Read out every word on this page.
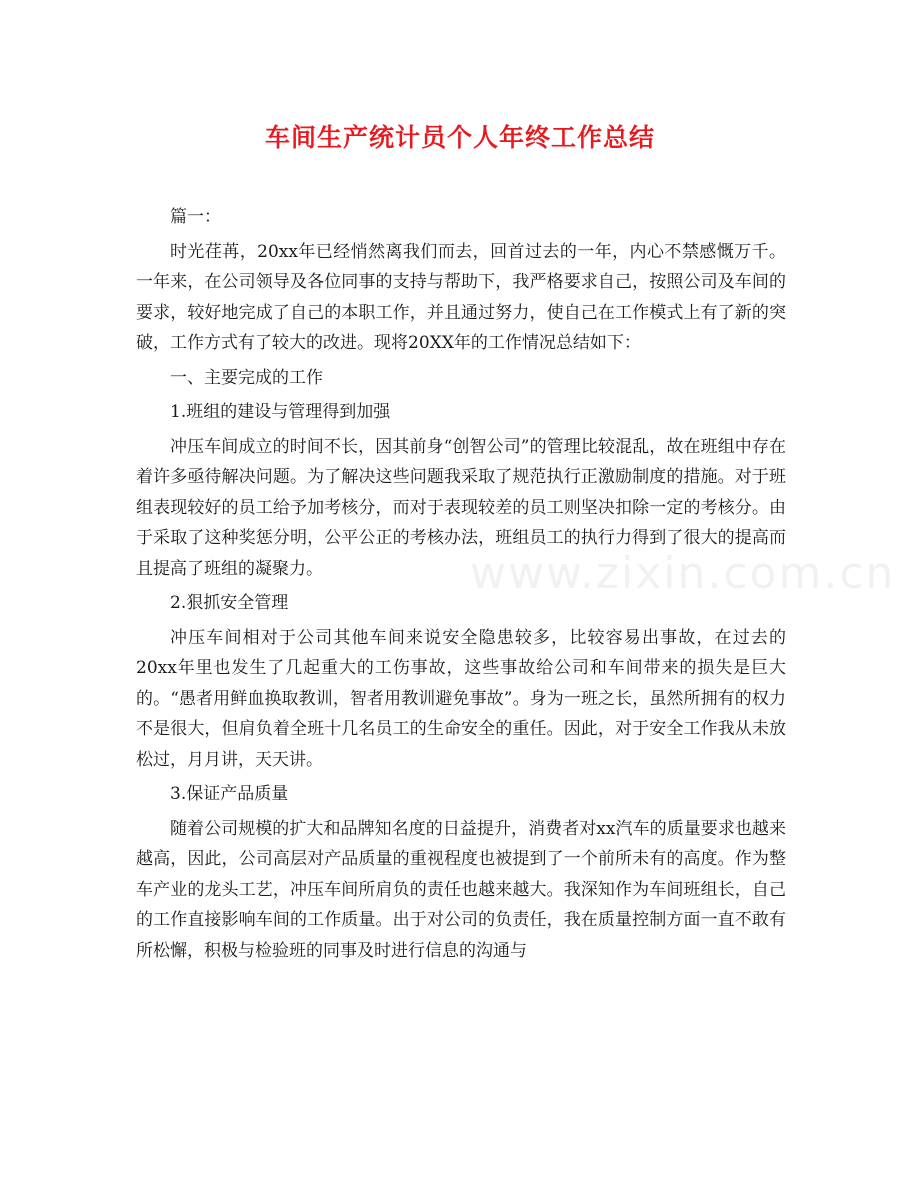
车间生产统计员个人年终工作总结

篇一：

时光荏苒，20xx年已经悄然离我们而去，回首过去的一年，内心不禁感慨万千。一年来，在公司领导及各位同事的支持与帮助下，我严格要求自己，按照公司及车间的要求，较好地完成了自己的本职工作，并且通过努力，使自己在工作模式上有了新的突破，工作方式有了较大的改进。现将20XX年的工作情况总结如下：

一、主要完成的工作

1.班组的建设与管理得到加强

冲压车间成立的时间不长，因其前身“创智公司”的管理比较混乱，故在班组中存在着许多亟待解决问题。为了解决这些问题我采取了规范执行正激励制度的措施。对于班组表现较好的员工给予加考核分，而对于表现较差的员工则坚决扣除一定的考核分。由于采取了这种奖惩分明，公平公正的考核办法，班组员工的执行力得到了很大的提高而且提高了班组的凝聚力。

2.狠抓安全管理

冲压车间相对于公司其他车间来说安全隐患较多，比较容易出事故，在过去的20xx年里也发生了几起重大的工伤事故，这些事故给公司和车间带来的损失是巨大的。“愚者用鲜血换取教训，智者用教训避免事故”。身为一班之长，虽然所拥有的权力不是很大，但肩负着全班十几名员工的生命安全的重任。因此，对于安全工作我从未放松过，月月讲，天天讲。

3.保证产品质量

随着公司规模的扩大和品牌知名度的日益提升，消费者对xx汽车的质量要求也越来越高，因此，公司高层对产品质量的重视程度也被提到了一个前所未有的高度。作为整车产业的龙头工艺，冲压车间所肩负的责任也越来越大。我深知作为车间班组长，自己的工作直接影响车间的工作质量。出于对公司的负责任，我在质量控制方面一直不敢有所松懈，积极与检验班的同事及时进行信息的沟通与

www.zixin.com.cn
